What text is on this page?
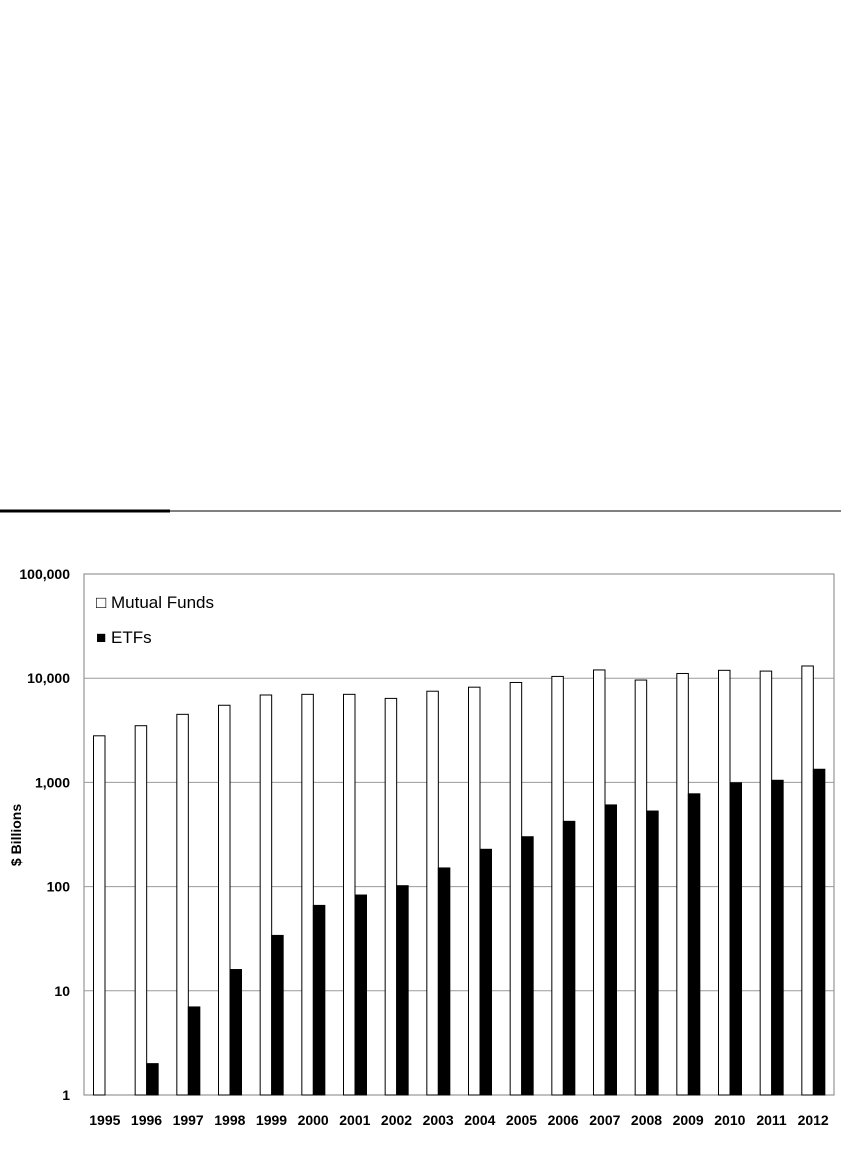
1
10
100
1,000
10,000
100,000
1995 1996 1997 1998 1999 2000 2001 2002 2003 2004 2005 2006 2007 2008 2009 2010 2011 2012
$ Billions
□ Mutual Funds
■ ETFs
